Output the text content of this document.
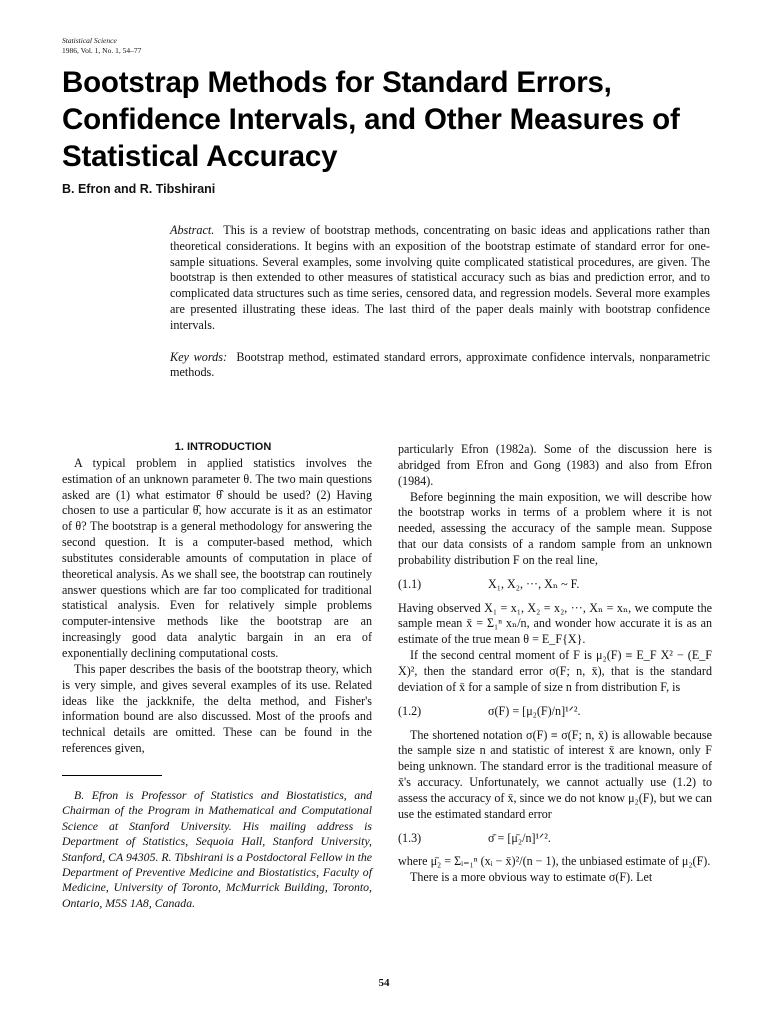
Statistical Science
1986, Vol. 1, No. 1, 54–77
Bootstrap Methods for Standard Errors,
Confidence Intervals, and Other Measures of
Statistical Accuracy
B. Efron and R. Tibshirani

Abstract. This is a review of bootstrap methods, concentrating on basic ideas and applications rather than theoretical considerations. It begins with an exposition of the bootstrap estimate of standard error for one-sample situations. Several examples, some involving quite complicated statistical procedures, are given. The bootstrap is then extended to other measures of statistical accuracy such as bias and prediction error, and to complicated data structures such as time series, censored data, and regression models. Several more examples are presented illustrating these ideas. The last third of the paper deals mainly with bootstrap confidence intervals.

Key words: Bootstrap method, estimated standard errors, approximate confidence intervals, nonparametric methods.

1. INTRODUCTION

A typical problem in applied statistics involves the estimation of an unknown parameter θ. The two main questions asked are (1) what estimator θ̂ should be used? (2) Having chosen to use a particular θ̂, how accurate is it as an estimator of θ? The bootstrap is a general methodology for answering the second question. It is a computer-based method, which substitutes considerable amounts of computation in place of theoretical analysis. As we shall see, the bootstrap can routinely answer questions which are far too complicated for traditional statistical analysis. Even for relatively simple problems computer-intensive methods like the bootstrap are an increasingly good data analytic bargain in an era of exponentially declining computational costs.

This paper describes the basis of the bootstrap theory, which is very simple, and gives several examples of its use. Related ideas like the jackknife, the delta method, and Fisher's information bound are also discussed. Most of the proofs and technical details are omitted. These can be found in the references given,

B. Efron is Professor of Statistics and Biostatistics, and Chairman of the Program in Mathematical and Computational Science at Stanford University. His mailing address is Department of Statistics, Sequoia Hall, Stanford University, Stanford, CA 94305. R. Tibshirani is a Postdoctoral Fellow in the Department of Preventive Medicine and Biostatistics, Faculty of Medicine, University of Toronto, McMurrick Building, Toronto, Ontario, M5S 1A8, Canada.

particularly Efron (1982a). Some of the discussion here is abridged from Efron and Gong (1983) and also from Efron (1984).

Before beginning the main exposition, we will describe how the bootstrap works in terms of a problem where it is not needed, assessing the accuracy of the sample mean. Suppose that our data consists of a random sample from an unknown probability distribution F on the real line,

(1.1)	X₁, X₂, ···, Xₙ ~ F.

Having observed X₁ = x₁, X₂ = x₂, ···, Xₙ = xₙ, we compute the sample mean x̄ = Σ₁ⁿ xₙ/n, and wonder how accurate it is as an estimate of the true mean θ = E_F{X}.

If the second central moment of F is μ₂(F) ≡ E_F X² − (E_F X)², then the standard error σ(F; n, x̄), that is the standard deviation of x̄ for a sample of size n from distribution F, is

(1.2)	σ(F) = [μ₂(F)/n]¹ᐟ².

The shortened notation σ(F) ≡ σ(F; n, x̄) is allowable because the sample size n and statistic of interest x̄ are known, only F being unknown. The standard error is the traditional measure of x̄'s accuracy. Unfortunately, we cannot actually use (1.2) to assess the accuracy of x̄, since we do not know μ₂(F), but we can use the estimated standard error

(1.3)	σ̄ = [μ̄₂/n]¹ᐟ².

where μ̄₂ = Σᵢ₌₁ⁿ (xᵢ − x̄)²/(n − 1), the unbiased estimate of μ₂(F).

There is a more obvious way to estimate σ(F). Let

54
